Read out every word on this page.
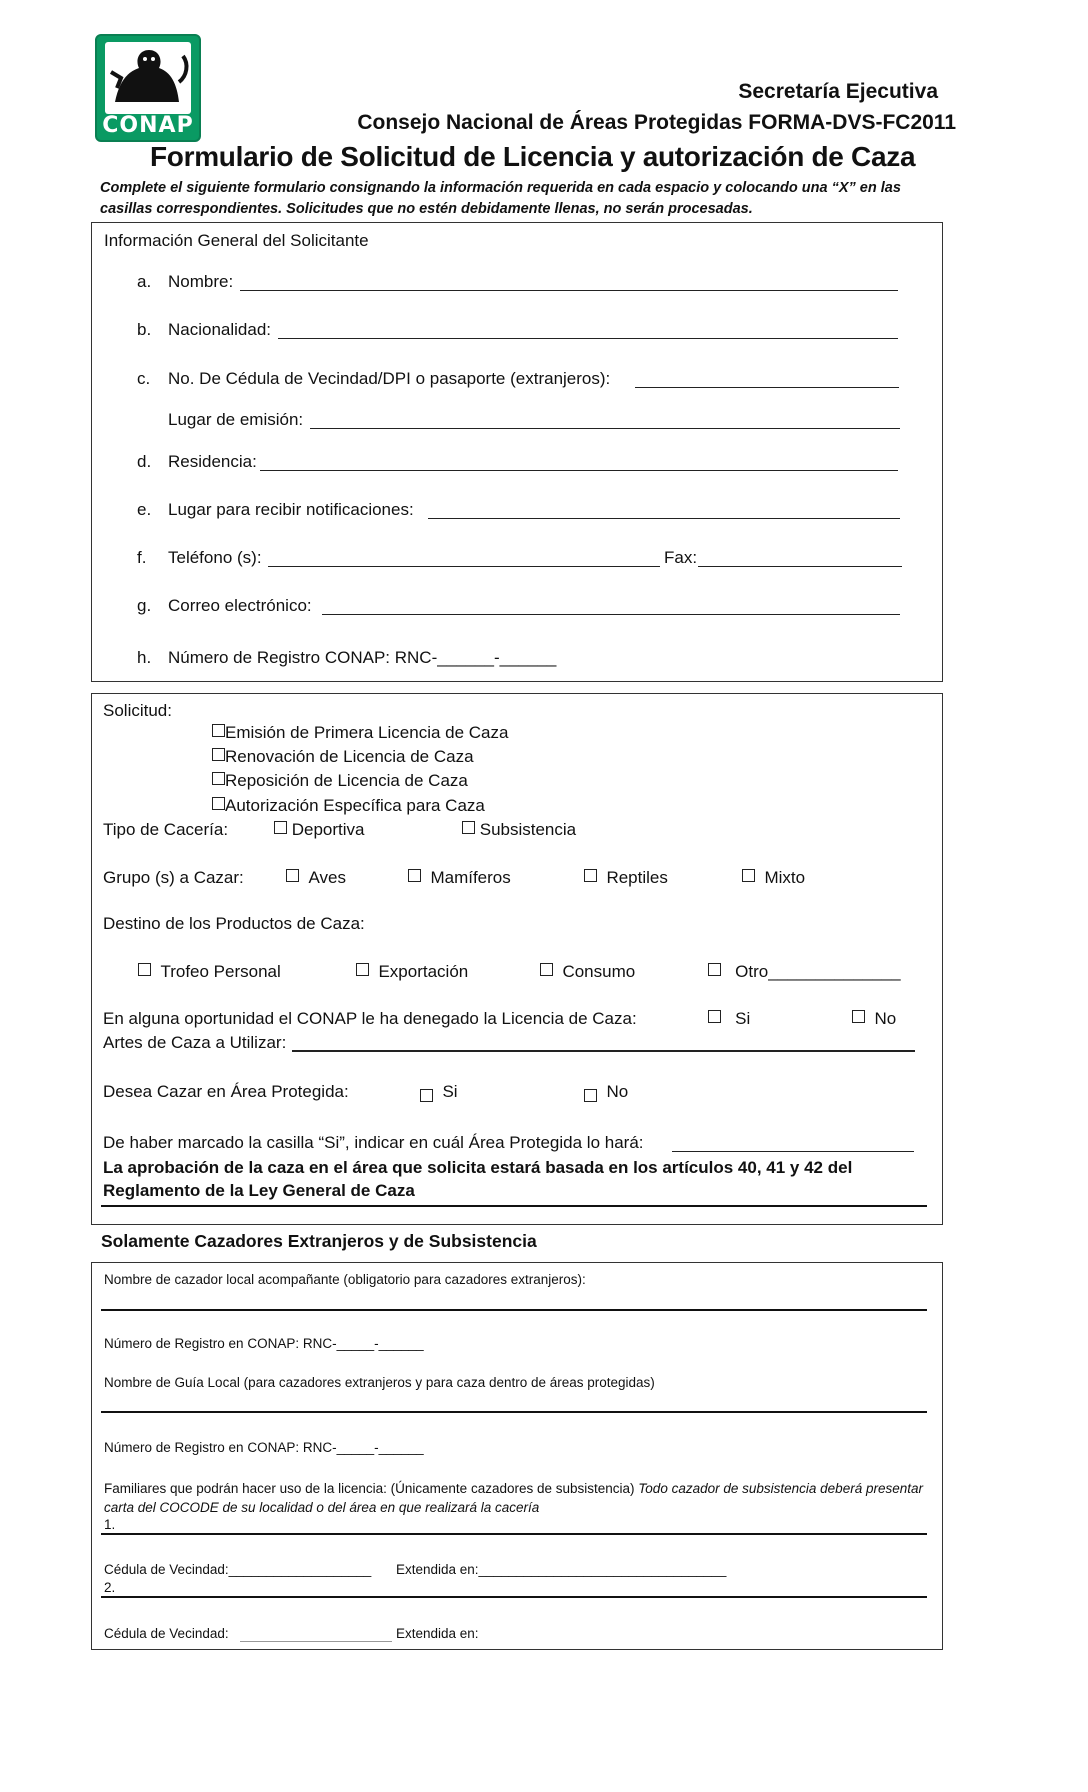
CONAP
Secretaría Ejecutiva
Consejo Nacional de Áreas Protegidas FORMA-DVS-FC2011
Formulario de Solicitud de Licencia y autorización de Caza
Complete el siguiente formulario consignando la información requerida en cada espacio y colocando una “X” en las casillas correspondientes. Solicitudes que no estén debidamente llenas, no serán procesadas.
Información General del Solicitante
a. Nombre:
b. Nacionalidad:
c. No. De Cédula de Vecindad/DPI o pasaporte (extranjeros):
Lugar de emisión:
d. Residencia:
e. Lugar para recibir notificaciones:
f. Teléfono (s):	Fax:
g. Correo electrónico:
h. Número de Registro CONAP: RNC-______-______
Solicitud:
Emisión de Primera Licencia de Caza
Renovación de Licencia de Caza
Reposición de Licencia de Caza
Autorización Específica para Caza
Tipo de Cacería:	Deportiva	Subsistencia
Grupo (s) a Cazar:	Aves	Mamíferos	Reptiles	Mixto
Destino de los Productos de Caza:
Trofeo Personal	Exportación	Consumo	Otro______________
En alguna oportunidad el CONAP le ha denegado la Licencia de Caza:	Si	No
Artes de Caza a Utilizar:
Desea Cazar en Área Protegida:	Si	No
De haber marcado la casilla “Si”, indicar en cuál Área Protegida lo hará:
La aprobación de la caza en el área que solicita estará basada en los artículos 40, 41 y 42 del Reglamento de la Ley General de Caza
Solamente Cazadores Extranjeros y de Subsistencia
Nombre de cazador local acompañante (obligatorio para cazadores extranjeros):
Número de Registro en CONAP: RNC-_____-______
Nombre de Guía Local (para cazadores extranjeros y para caza dentro de áreas protegidas)
Número de Registro en CONAP: RNC-_____-______
Familiares que podrán hacer uso de la licencia: (Únicamente cazadores de subsistencia) Todo cazador de subsistencia deberá presentar carta del COCODE de su localidad o del área en que realizará la cacería
1.
Cédula de Vecindad:___________________ Extendida en:_________________________________
2.
Cédula de Vecindad:	Extendida en:
